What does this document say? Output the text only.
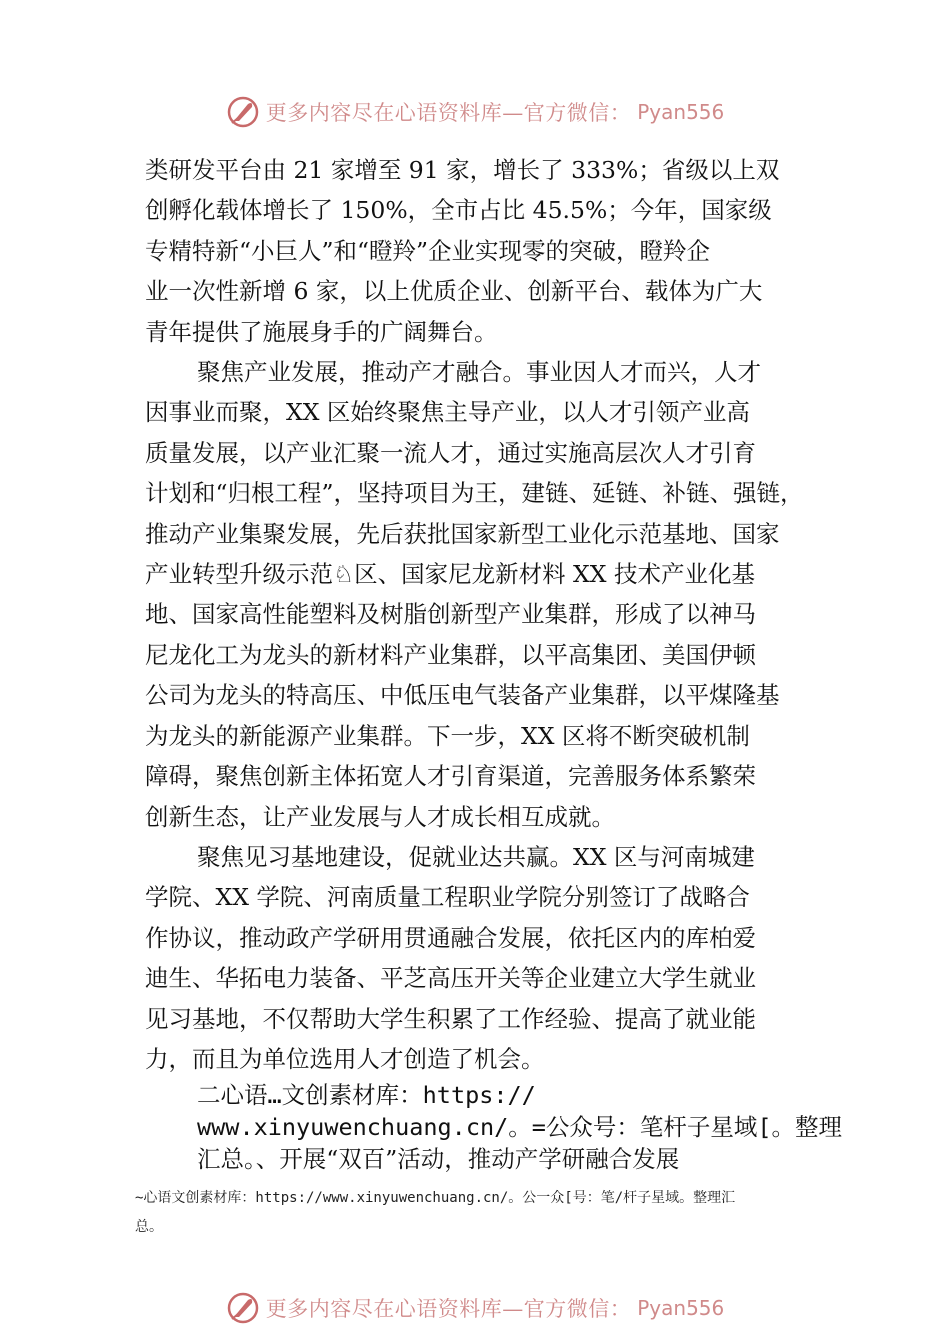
更多内容尽在心语资料库—官方微信： Pyan556
类研发平台由 21 家增至 91 家，增长了 333%；省级以上双
创孵化载体增长了 150%，全市占比 45.5%；今年，国家级
专精特新“小巨人”和“瞪羚”企业实现零的突破，瞪羚企
业一次性新增 6 家，以上优质企业、创新平台、载体为广大
青年提供了施展身手的广阔舞台。
聚焦产业发展，推动产才融合。事业因人才而兴，人才
因事业而聚，XX 区始终聚焦主导产业，以人才引领产业高
质量发展，以产业汇聚一流人才，通过实施高层次人才引育
计划和“归根工程”，坚持项目为王，建链、延链、补链、强链，
推动产业集聚发展，先后获批国家新型工业化示范基地、国家
产业转型升级示范♘区、国家尼龙新材料 XX 技术产业化基
地、国家高性能塑料及树脂创新型产业集群，形成了以神马
尼龙化工为龙头的新材料产业集群，以平高集团、美国伊顿
公司为龙头的特高压、中低压电气装备产业集群，以平煤隆基
为龙头的新能源产业集群。下一步，XX 区将不断突破机制
障碍，聚焦创新主体拓宽人才引育渠道，完善服务体系繁荣
创新生态，让产业发展与人才成长相互成就。
聚焦见习基地建设，促就业达共赢。XX 区与河南城建
学院、XX 学院、河南质量工程职业学院分别签订了战略合
作协议，推动政产学研用贯通融合发展，依托区内的库柏爱
迪生、华拓电力装备、平芝高压开关等企业建立大学生就业
见习基地，不仅帮助大学生积累了工作经验、提高了就业能
力，而且为单位选用人才创造了机会。
二心语…文创素材库：https://
www.xinyuwenchuang.cn/。=公众号：笔杆子星域[。整理
汇总。、开展“双百”活动，推动产学研融合发展
~心语文创素材库：https://www.xinyuwenchuang.cn/。公一众[号：笔/杆子星域。整理汇
总。
更多内容尽在心语资料库—官方微信： Pyan556
